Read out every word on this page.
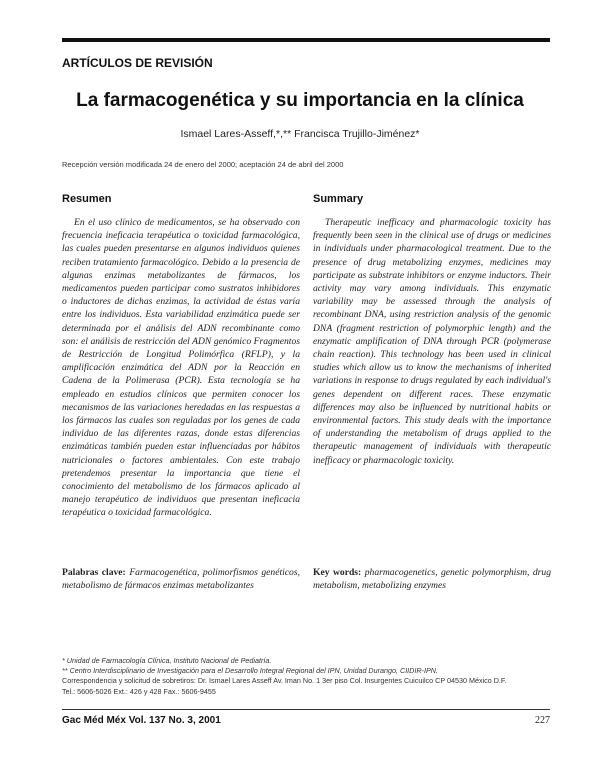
ARTÍCULOS DE REVISIÓN
La farmacogenética y su importancia en la clínica
Ismael Lares-Asseff,*,** Francisca Trujillo-Jiménez*
Recepción versión modificada 24 de enero del 2000; aceptación 24 de abril del 2000
Resumen	Summary

En el uso clínico de medicamentos, se ha observado con frecuencia ineficacia terapéutica o toxicidad farmacológica, las cuales pueden presentarse en algunos individuos quienes reciben tratamiento farmacológico. Debido a la presencia de algunas enzimas metabolizantes de fármacos, los medicamentos pueden participar como sustratos inhibidores o inductores de dichas enzimas, la actividad de éstas varía entre los individuos. Esta variabilidad enzimática puede ser determinada por el análisis del ADN recombinante como son: el análisis de restricción del ADN genómico Fragmentos de Restricción de Longitud Polimórfica (RFLP), y la amplificación enzimática del ADN por la Reacción en Cadena de la Polimerasa (PCR). Esta tecnología se ha empleado en estudios clínicos que permiten conocer los mecanismos de las variaciones heredadas en las respuestas a los fármacos las cuales son reguladas por los genes de cada individuo de las diferentes razas, donde estas diferencias enzimáticas también pueden estar influenciadas por hábitos nutricionales o factores ambientales. Con este trabajo pretendemos presentar la importancia que tiene el conocimiento del metabolismo de los fármacos aplicado al manejo terapéutico de individuos que presentan ineficacia terapéutica o toxicidad farmacológica.

Therapeutic inefficacy and pharmacologic toxicity has frequently been seen in the clinical use of drugs or medicines in individuals under pharmacological treatment. Due to the presence of drug metabolizing enzymes, medicines may participate as substrate inhibitors or enzyme inductors. Their activity may vary among individuals. This enzymatic variability may be assessed through the analysis of recombinant DNA, using restriction analysis of the genomic DNA (fragment restriction of polymorphic length) and the enzymatic amplification of DNA through PCR (polymerase chain reaction). This technology has been used in clinical studies which allow us to know the mechanisms of inherited variations in response to drugs regulated by each individual's genes dependent on different races. These enzymatic differences may also be influenced by nutritional habits or environmental factors. This study deals with the importance of understanding the metabolism of drugs applied to the therapeutic management of individuals with therapeutic inefficacy or pharmacologic toxicity.

Palabras clave: Farmacogenética, polimorfismos genéticos, metabolismo de fármacos enzimas metabolizantes
Key words: pharmacogenetics, genetic polymorphism, drug metabolism, metabolizing enzymes
* Unidad de Farmacología Clínica, Instituto Nacional de Pediatría.
** Centro Interdisciplinario de Investigación para el Desarrollo Integral Regional del IPN, Unidad Durango, CIIDIR-IPN.
Correspondencia y solicitud de sobretiros: Dr. Ismael Lares Asseff Av. Iman No. 1 3er piso Col. Insurgentes Cuicuilco CP 04530 México D.F.
Tel.: 5606-5026 Ext.: 426 y 428 Fax.: 5606-9455
Gac Méd Méx Vol. 137 No. 3, 2001	227
